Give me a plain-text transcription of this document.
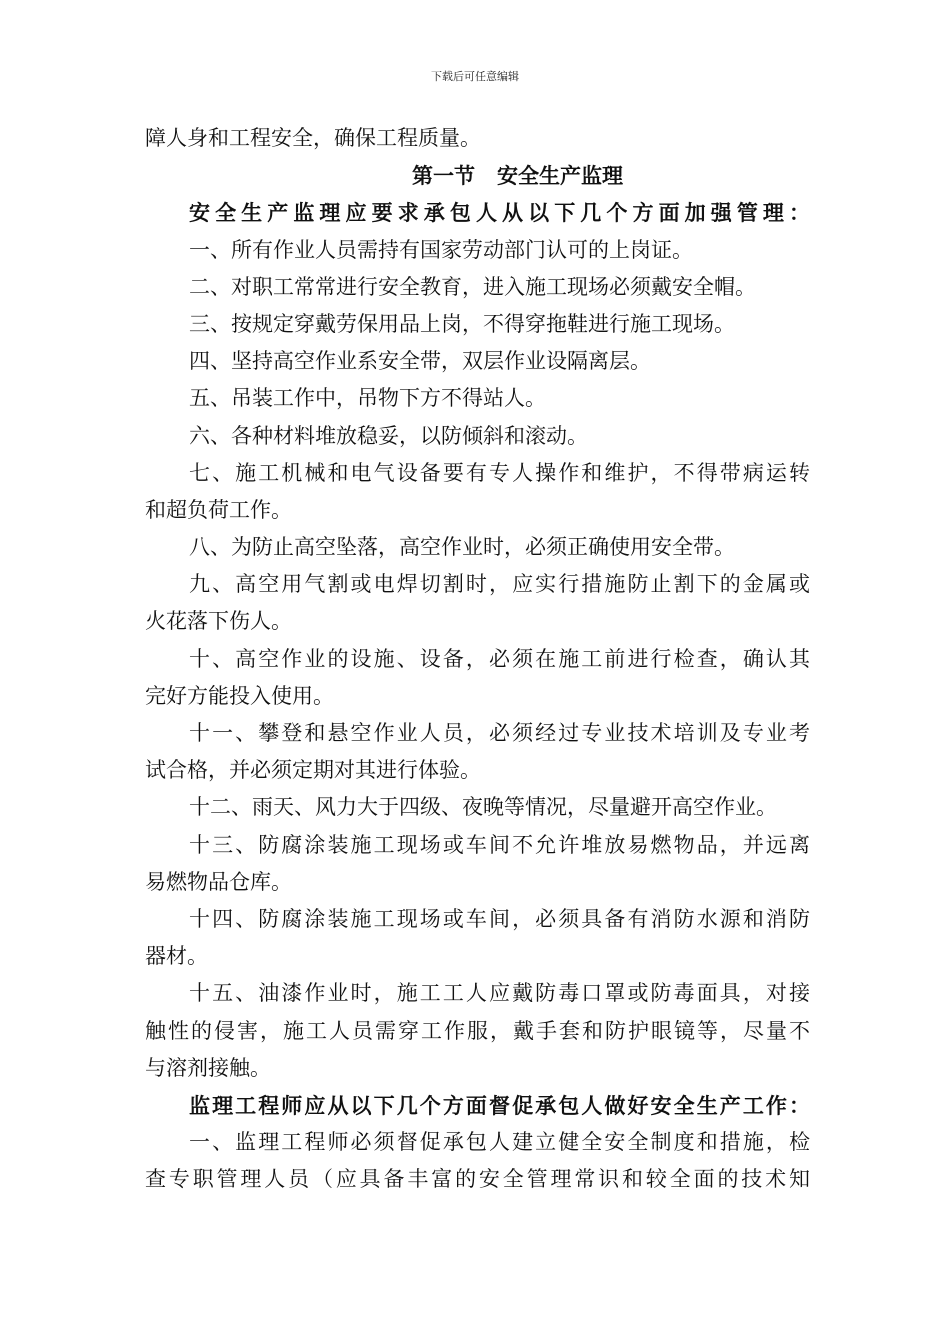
下载后可任意编辑
障人身和工程安全，确保工程质量。
第一节 安全生产监理
安全生产监理应要求承包人从以下几个方面加强管理：
一、所有作业人员需持有国家劳动部门认可的上岗证。
二、对职工常常进行安全教育，进入施工现场必须戴安全帽。
三、按规定穿戴劳保用品上岗，不得穿拖鞋进行施工现场。
四、坚持高空作业系安全带，双层作业设隔离层。
五、吊装工作中，吊物下方不得站人。
六、各种材料堆放稳妥，以防倾斜和滚动。
七、施工机械和电气设备要有专人操作和维护，不得带病运转
和超负荷工作。
八、为防止高空坠落，高空作业时，必须正确使用安全带。
九、高空用气割或电焊切割时，应实行措施防止割下的金属或
火花落下伤人。
十、高空作业的设施、设备，必须在施工前进行检查，确认其
完好方能投入使用。
十一、攀登和悬空作业人员，必须经过专业技术培训及专业考
试合格，并必须定期对其进行体验。
十二、雨天、风力大于四级、夜晚等情况，尽量避开高空作业。
十三、防腐涂装施工现场或车间不允许堆放易燃物品，并远离
易燃物品仓库。
十四、防腐涂装施工现场或车间，必须具备有消防水源和消防
器材。
十五、油漆作业时，施工工人应戴防毒口罩或防毒面具，对接
触性的侵害，施工人员需穿工作服，戴手套和防护眼镜等，尽量不
与溶剂接触。
监理工程师应从以下几个方面督促承包人做好安全生产工作：
一、监理工程师必须督促承包人建立健全安全制度和措施，检
查专职管理人员（应具备丰富的安全管理常识和较全面的技术知
